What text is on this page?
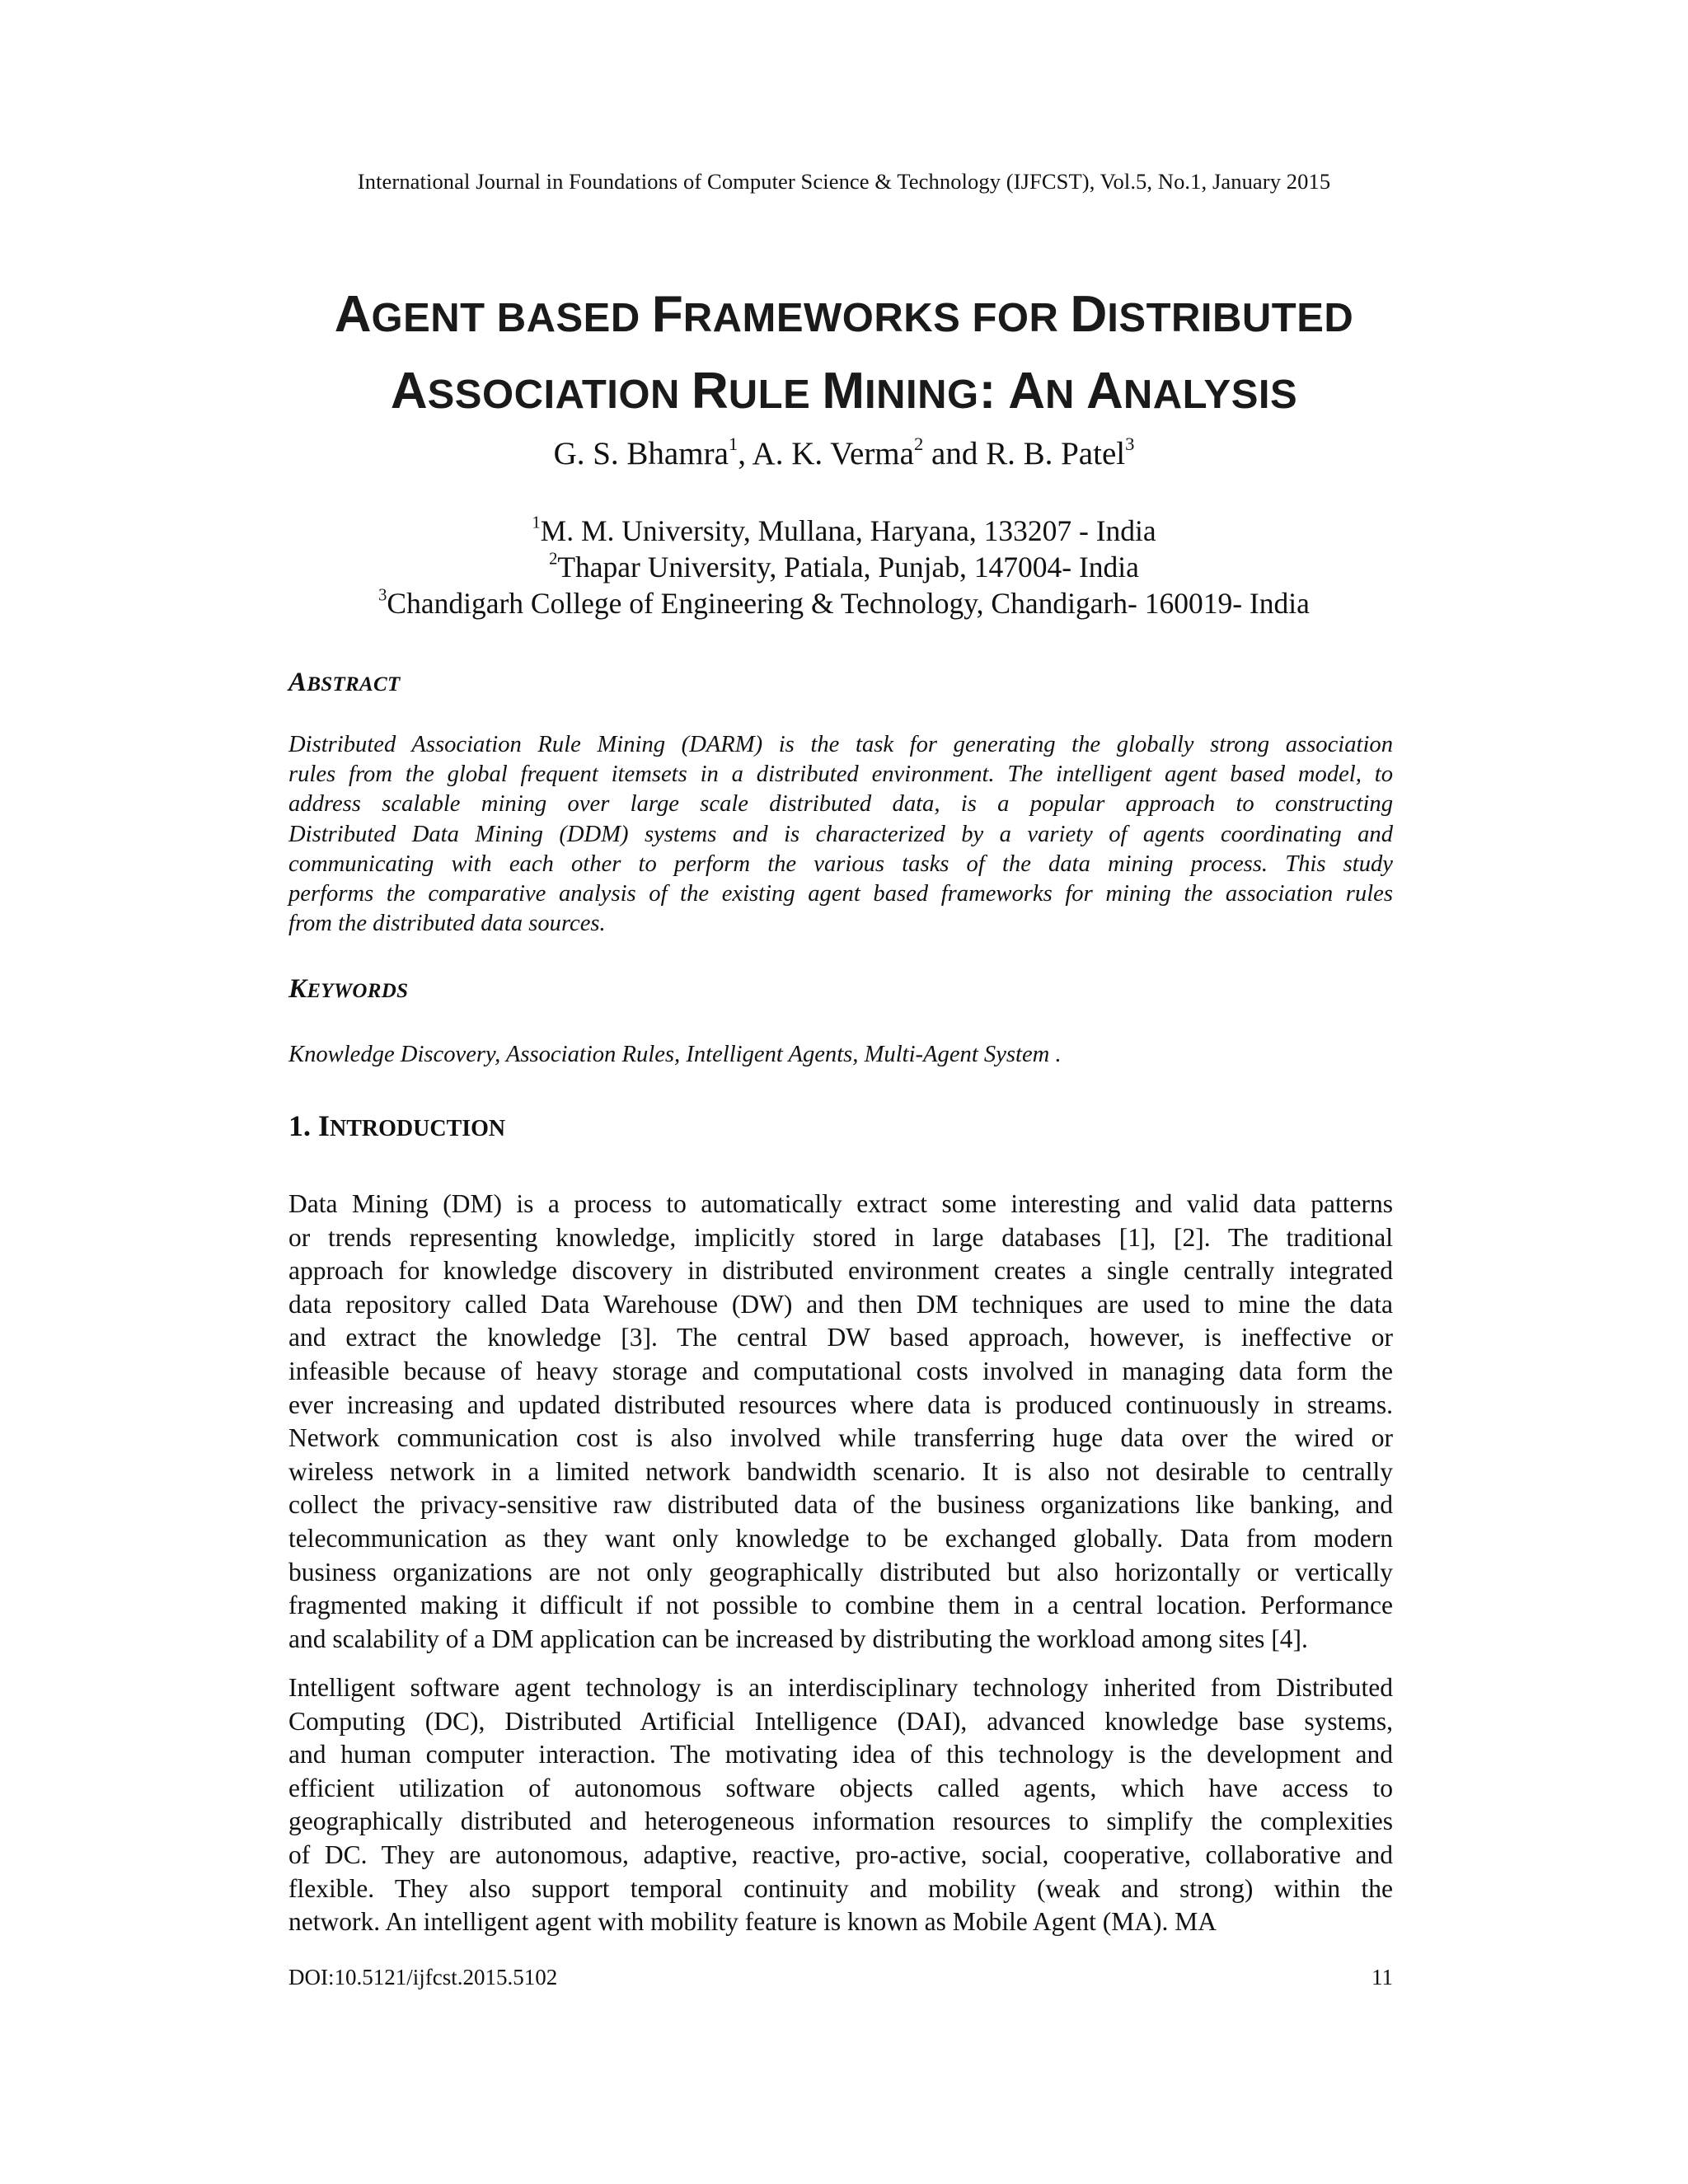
International Journal in Foundations of Computer Science & Technology (IJFCST), Vol.5, No.1, January 2015
AGENT BASED FRAMEWORKS FOR DISTRIBUTED
ASSOCIATION RULE MINING: AN ANALYSIS
G. S. Bhamra$^1$, A. K. Verma$^2$ and R. B. Patel$^3$
$^1$M. M. University, Mullana, Haryana, 133207 - India
$^2$Thapar University, Patiala, Punjab, 147004- India
$^3$Chandigarh College of Engineering & Technology, Chandigarh- 160019- India
ABSTRACT
Distributed Association Rule Mining (DARM) is the task for generating the globally strong association
rules from the global frequent itemsets in a distributed environment. The intelligent agent based model, to
address scalable mining over large scale distributed data, is a popular approach to constructing
Distributed Data Mining (DDM) systems and is characterized by a variety of agents coordinating and
communicating with each other to perform the various tasks of the data mining process. This study
performs the comparative analysis of the existing agent based frameworks for mining the association rules
from the distributed data sources.
KEYWORDS
Knowledge Discovery, Association Rules, Intelligent Agents, Multi-Agent System .
1. INTRODUCTION
Data Mining (DM) is a process to automatically extract some interesting and valid data patterns
or trends representing knowledge, implicitly stored in large databases [1], [2]. The traditional
approach for knowledge discovery in distributed environment creates a single centrally integrated
data repository called Data Warehouse (DW) and then DM techniques are used to mine the data
and extract the knowledge [3]. The central DW based approach, however, is ineffective or
infeasible because of heavy storage and computational costs involved in managing data form the
ever increasing and updated distributed resources where data is produced continuously in streams.
Network communication cost is also involved while transferring huge data over the wired or
wireless network in a limited network bandwidth scenario. It is also not desirable to centrally
collect the privacy-sensitive raw distributed data of the business organizations like banking, and
telecommunication as they want only knowledge to be exchanged globally. Data from modern
business organizations are not only geographically distributed but also horizontally or vertically
fragmented making it difficult if not possible to combine them in a central location. Performance
and scalability of a DM application can be increased by distributing the workload among sites [4].
Intelligent software agent technology is an interdisciplinary technology inherited from Distributed
Computing (DC), Distributed Artificial Intelligence (DAI), advanced knowledge base systems,
and human computer interaction. The motivating idea of this technology is the development and
efficient utilization of autonomous software objects called agents, which have access to
geographically distributed and heterogeneous information resources to simplify the complexities
of DC. They are autonomous, adaptive, reactive, pro-active, social, cooperative, collaborative and
flexible. They also support temporal continuity and mobility (weak and strong) within the
network. An intelligent agent with mobility feature is known as Mobile Agent (MA). MA
DOI:10.5121/ijfcst.2015.5102	11
